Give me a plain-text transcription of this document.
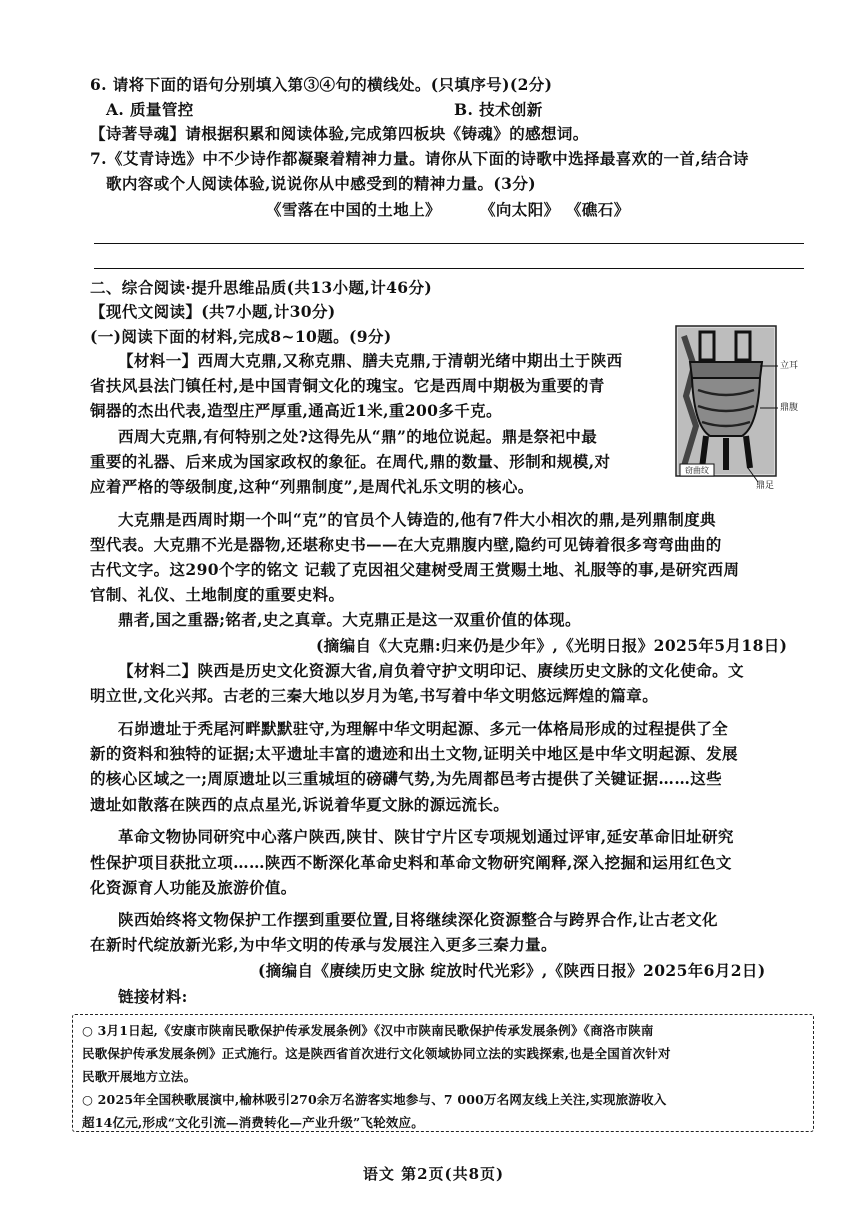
6. 请将下面的语句分别填入第③④句的横线处。(只填序号)(2分)
A. 质量管控	B. 技术创新
【诗著导魂】请根据积累和阅读体验,完成第四板块《铸魂》的感想词。
7.《艾青诗选》中不少诗作都凝聚着精神力量。请你从下面的诗歌中选择最喜欢的一首,结合诗
歌内容或个人阅读体验,说说你从中感受到的精神力量。(3分)
《雪落在中国的土地上》	《向太阳》 《礁石》
二、综合阅读·提升思维品质(共13小题,计46分)
【现代文阅读】(共7小题,计30分)
(一)阅读下面的材料,完成8~10题。(9分)
窃曲纹
立耳
鼎腹
鼎足
【材料一】西周大克鼎,又称克鼎、膳夫克鼎,于清朝光绪中期出土于陕西
省扶风县法门镇任村,是中国青铜文化的瑰宝。它是西周中期极为重要的青
铜器的杰出代表,造型庄严厚重,通高近1米,重200多千克。
西周大克鼎,有何特别之处?这得先从“鼎”的地位说起。鼎是祭祀中最
重要的礼器、后来成为国家政权的象征。在周代,鼎的数量、形制和规模,对
应着严格的等级制度,这种“列鼎制度”,是周代礼乐文明的核心。
大克鼎是西周时期一个叫“克”的官员个人铸造的,他有7件大小相次的鼎,是列鼎制度典
型代表。大克鼎不光是器物,还堪称史书——在大克鼎腹内壁,隐约可见铸着很多弯弯曲曲的
古代文字。这290个字的铭文 记载了克因祖父建树受周王赏赐土地、礼服等的事,是研究西周
官制、礼仪、土地制度的重要史料。
鼎者,国之重器;铭者,史之真章。大克鼎正是这一双重价值的体现。
(摘编自《大克鼎:归来仍是少年》,《光明日报》2025年5月18日)
【材料二】陕西是历史文化资源大省,肩负着守护文明印记、赓续历史文脉的文化使命。文
明立世,文化兴邦。古老的三秦大地以岁月为笔,书写着中华文明悠远辉煌的篇章。
石峁遗址于秃尾河畔默默驻守,为理解中华文明起源、多元一体格局形成的过程提供了全
新的资料和独特的证据;太平遗址丰富的遗迹和出土文物,证明关中地区是中华文明起源、发展
的核心区域之一;周原遗址以三重城垣的磅礴气势,为先周都邑考古提供了关键证据……这些
遗址如散落在陕西的点点星光,诉说着华夏文脉的源远流长。
革命文物协同研究中心落户陕西,陕甘、陕甘宁片区专项规划通过评审,延安革命旧址研究
性保护项目获批立项……陕西不断深化革命史料和革命文物研究阐释,深入挖掘和运用红色文
化资源育人功能及旅游价值。
陕西始终将文物保护工作摆到重要位置,目将继续深化资源整合与跨界合作,让古老文化
在新时代绽放新光彩,为中华文明的传承与发展注入更多三秦力量。
(摘编自《赓续历史文脉 绽放时代光彩》,《陕西日报》2025年6月2日)
链接材料:
○ 3月1日起,《安康市陕南民歌保护传承发展条例》《汉中市陕南民歌保护传承发展条例》《商洛市陕南
民歌保护传承发展条例》正式施行。这是陕西省首次进行文化领域协同立法的实践探索,也是全国首次针对
民歌开展地方立法。
○ 2025年全国秧歌展演中,榆林吸引270余万名游客实地参与、7 000万名网友线上关注,实现旅游收入
超14亿元,形成“文化引流—消费转化—产业升级”飞轮效应。
语文 第2页(共8页)
